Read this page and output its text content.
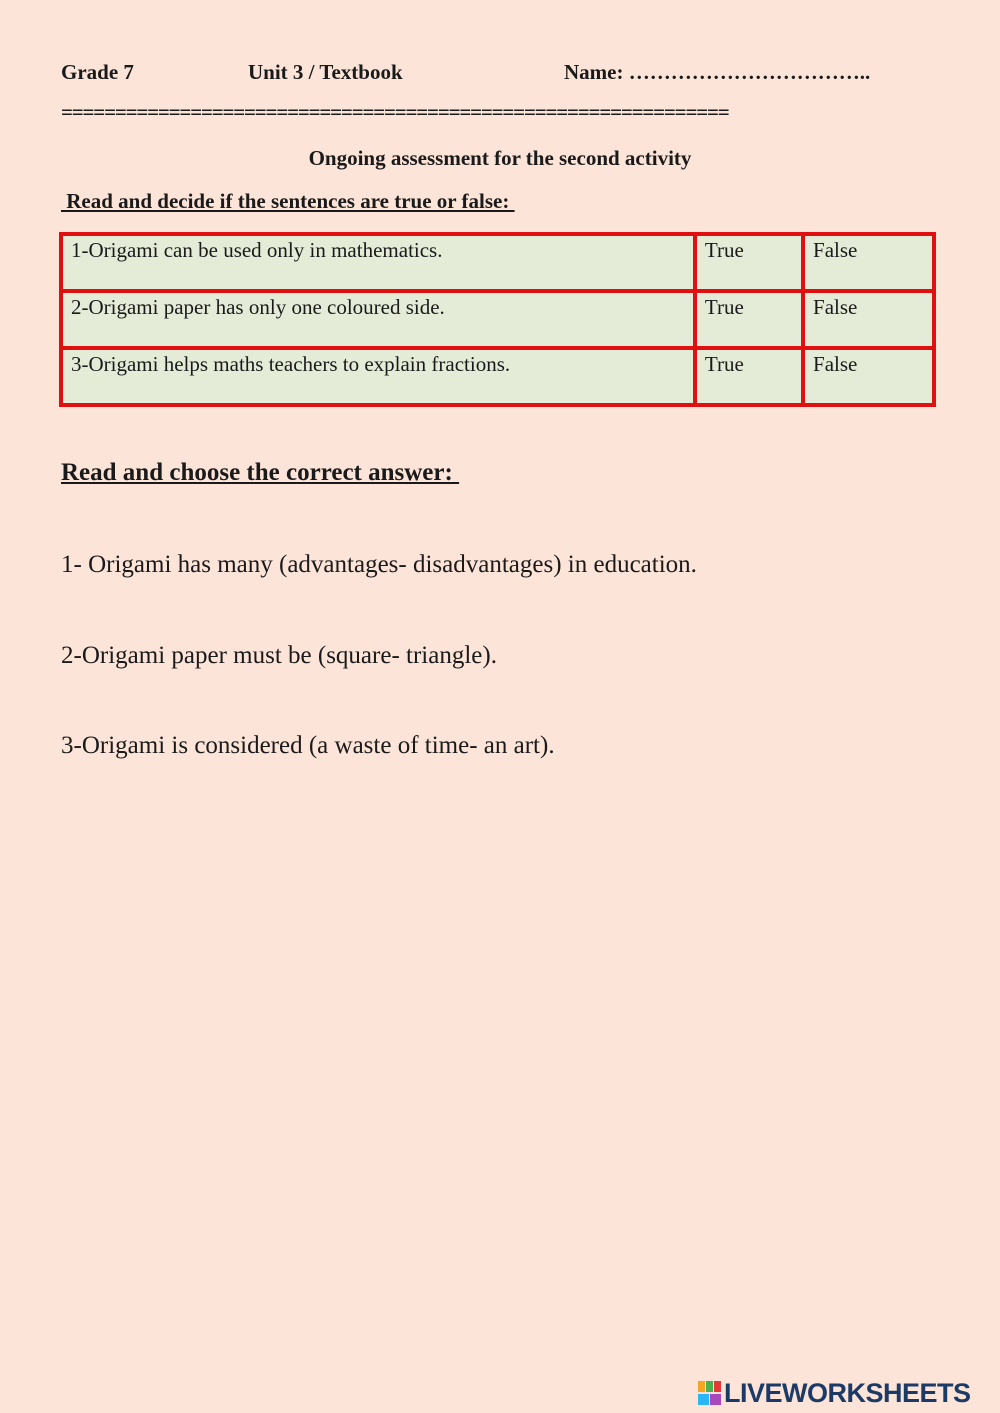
Grade 7	Unit 3 / Textbook	Name: ……………………………..
==============================================================
Ongoing assessment for the second activity
Read and decide if the sentences are true or false:
1-Origami can be used only in mathematics.	True	False
2-Origami paper has only one coloured side.	True	False
3-Origami helps maths teachers to explain fractions.	True	False
Read and choose the correct answer:
1- Origami has many (advantages- disadvantages) in education.
2-Origami paper must be (square- triangle).
3-Origami is considered (a waste of time- an art).
LIVEWORKSHEETS
